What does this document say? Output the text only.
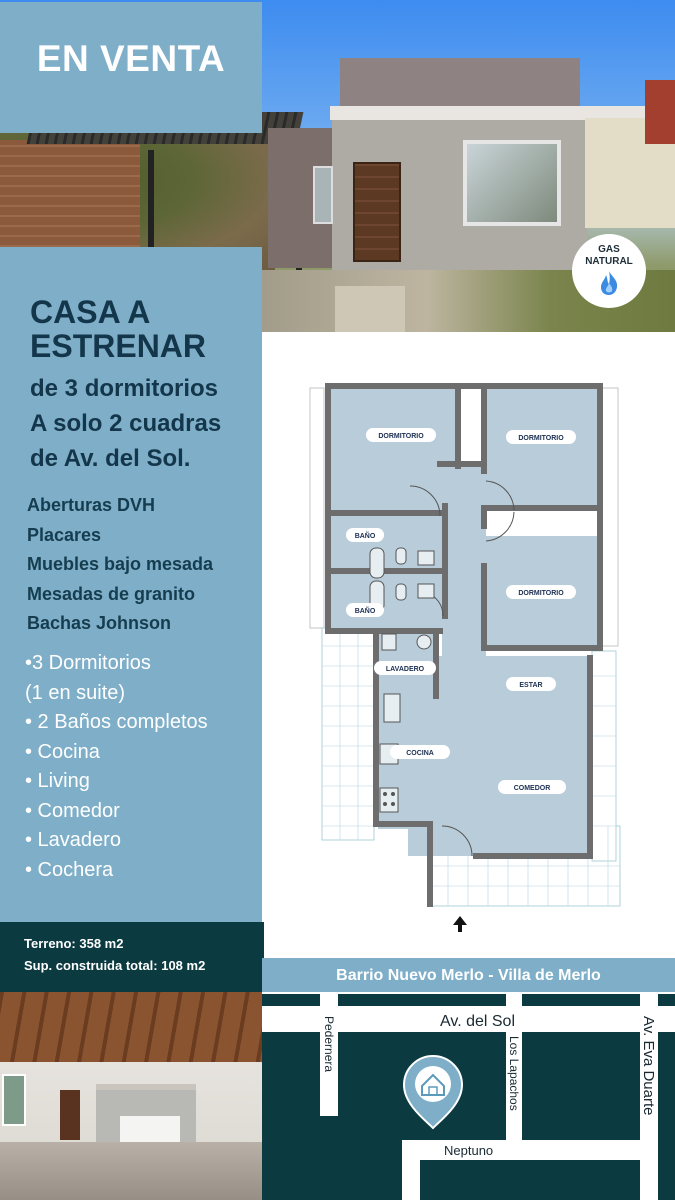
EN VENTA
GAS
NATURAL
CASA A
ESTRENAR
de 3 dormitorios
A solo 2 cuadras
de Av. del Sol.
Aberturas DVH
Placares
Muebles bajo mesada
Mesadas de granito
Bachas Johnson
•3 Dormitorios
(1 en suite)
• 2 Baños completos
• Cocina
• Living
• Comedor
• Lavadero
• Cochera
Terreno: 358 m2
Sup. construida total: 108 m2
DORMITORIO	DORMITORIO
DORMITORIO
BAÑO
BAÑO
LAVADERO
ESTAR
COCINA
COMEDOR
Barrio Nuevo Merlo - Villa de Merlo
Av. del Sol
Pedernera	Los Lapachos	Av. Eva Duarte
Neptuno
